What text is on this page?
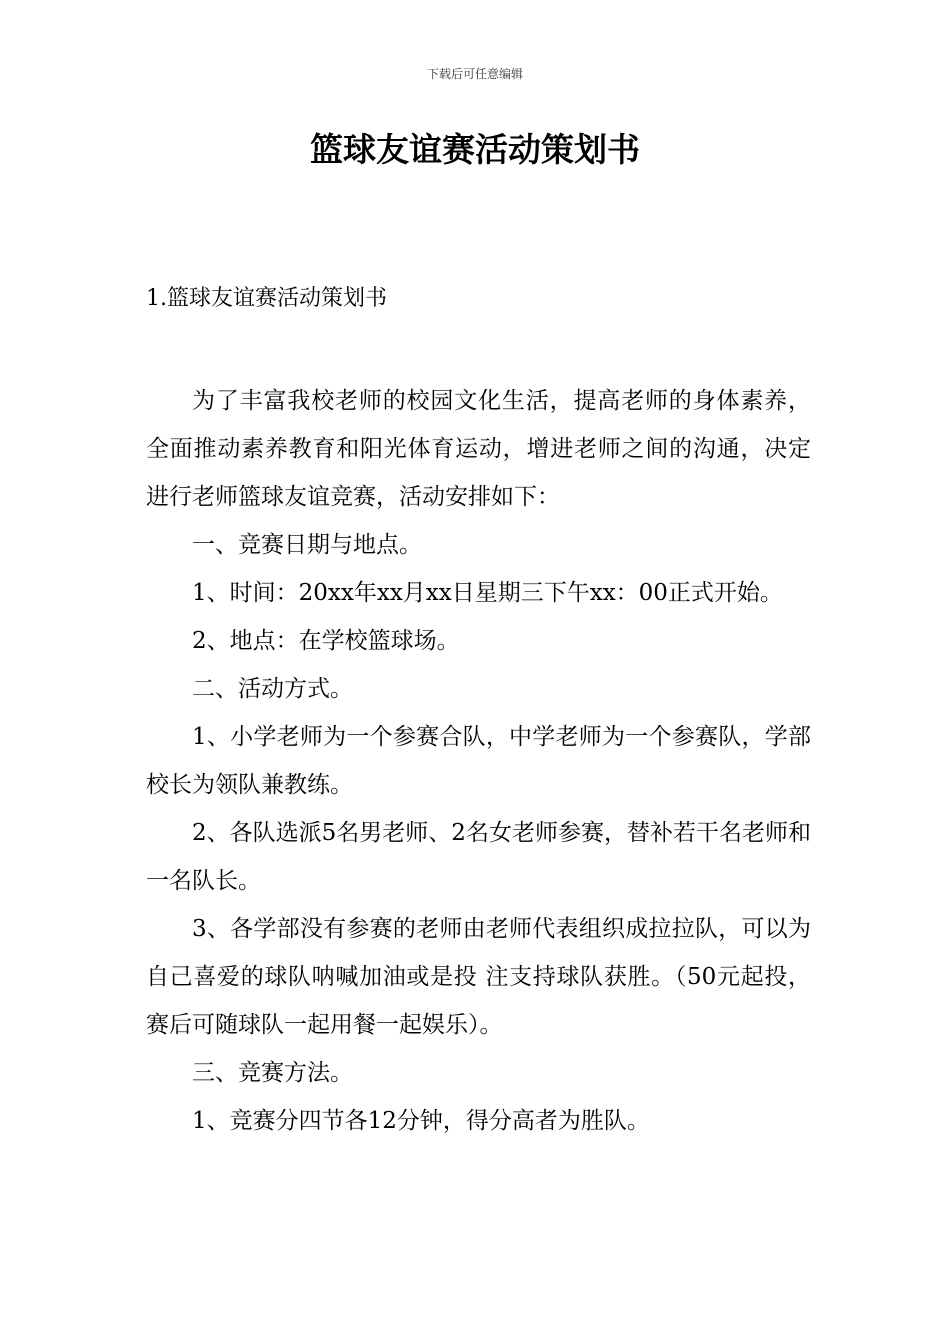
下载后可任意编辑
篮球友谊赛活动策划书
1.篮球友谊赛活动策划书

为了丰富我校老师的校园文化生活，提高老师的身体素养，全面推动素养教育和阳光体育运动，增进老师之间的沟通，决定进行老师篮球友谊竞赛，活动安排如下：

一、竞赛日期与地点。

1、时间：20xx年xx月xx日星期三下午xx：00正式开始。

2、地点：在学校篮球场。

二、活动方式。

1、小学老师为一个参赛合队，中学老师为一个参赛队，学部校长为领队兼教练。

2、各队选派5名男老师、2名女老师参赛，替补若干名老师和一名队长。

3、各学部没有参赛的老师由老师代表组织成拉拉队，可以为自己喜爱的球队呐喊加油或是投 注支持球队获胜。（50元起投，赛后可随球队一起用餐一起娱乐）。

三、竞赛方法。

1、竞赛分四节各12分钟，得分高者为胜队。
